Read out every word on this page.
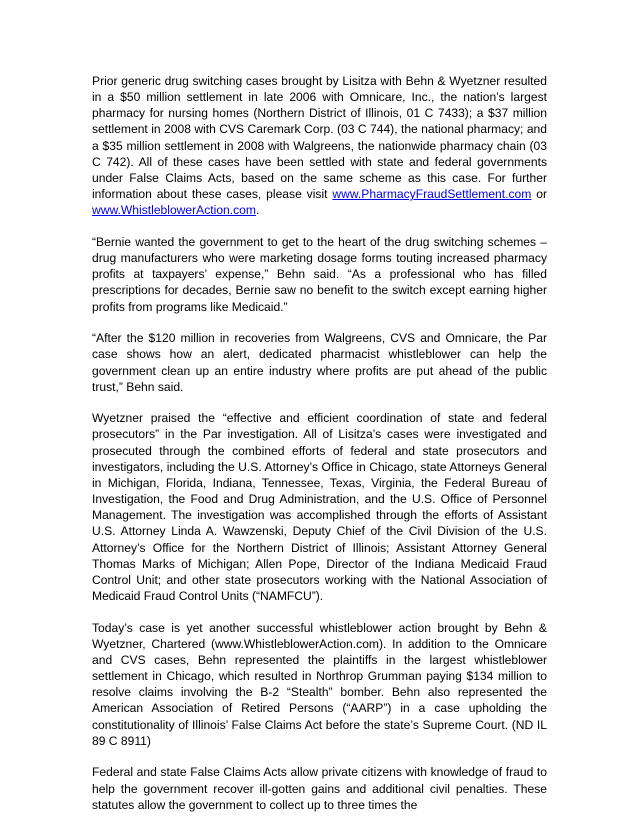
Prior generic drug switching cases brought by Lisitza with Behn & Wyetzner resulted in a $50 million settlement in late 2006 with Omnicare, Inc., the nation’s largest pharmacy for nursing homes (Northern District of Illinois, 01 C 7433); a $37 million settlement in 2008 with CVS Caremark Corp. (03 C 744), the national pharmacy; and a $35 million settlement in 2008 with Walgreens, the nationwide pharmacy chain (03 C 742). All of these cases have been settled with state and federal governments under False Claims Acts, based on the same scheme as this case. For further information about these cases, please visit www.PharmacyFraudSettlement.com or www.WhistleblowerAction.com.

“Bernie wanted the government to get to the heart of the drug switching schemes – drug manufacturers who were marketing dosage forms touting increased pharmacy profits at taxpayers’ expense,” Behn said. “As a professional who has filled prescriptions for decades, Bernie saw no benefit to the switch except earning higher profits from programs like Medicaid.”

“After the $120 million in recoveries from Walgreens, CVS and Omnicare, the Par case shows how an alert, dedicated pharmacist whistleblower can help the government clean up an entire industry where profits are put ahead of the public trust,” Behn said.

Wyetzner praised the “effective and efficient coordination of state and federal prosecutors” in the Par investigation. All of Lisitza’s cases were investigated and prosecuted through the combined efforts of federal and state prosecutors and investigators, including the U.S. Attorney’s Office in Chicago, state Attorneys General in Michigan, Florida, Indiana, Tennessee, Texas, Virginia, the Federal Bureau of Investigation, the Food and Drug Administration, and the U.S. Office of Personnel Management. The investigation was accomplished through the efforts of Assistant U.S. Attorney Linda A. Wawzenski, Deputy Chief of the Civil Division of the U.S. Attorney’s Office for the Northern District of Illinois; Assistant Attorney General Thomas Marks of Michigan; Allen Pope, Director of the Indiana Medicaid Fraud Control Unit; and other state prosecutors working with the National Association of Medicaid Fraud Control Units (“NAMFCU”).

Today’s case is yet another successful whistleblower action brought by Behn & Wyetzner, Chartered (www.WhistleblowerAction.com). In addition to the Omnicare and CVS cases, Behn represented the plaintiffs in the largest whistleblower settlement in Chicago, which resulted in Northrop Grumman paying $134 million to resolve claims involving the B-2 “Stealth” bomber. Behn also represented the American Association of Retired Persons (“AARP”) in a case upholding the constitutionality of Illinois’ False Claims Act before the state’s Supreme Court. (ND IL 89 C 8911)

Federal and state False Claims Acts allow private citizens with knowledge of fraud to help the government recover ill-gotten gains and additional civil penalties. These statutes allow the government to collect up to three times the
